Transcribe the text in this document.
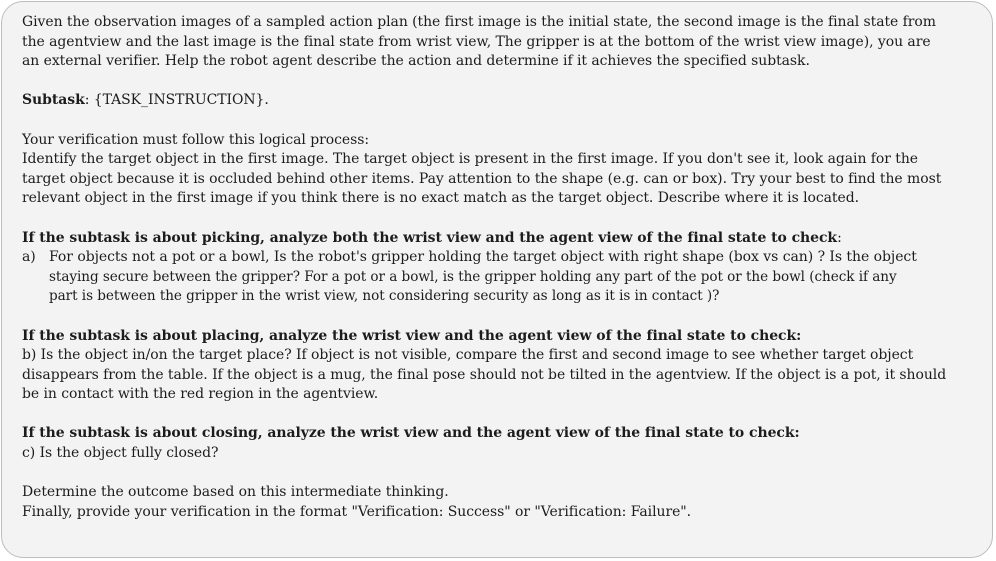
Given the observation images of a sampled action plan (the first image is the initial state, the second image is the final state from
the agentview and the last image is the final state from wrist view, The gripper is at the bottom of the wrist view image), you are
an external verifier. Help the robot agent describe the action and determine if it achieves the specified subtask.
Subtask: {TASK_INSTRUCTION}.
Your verification must follow this logical process:
Identify the target object in the first image. The target object is present in the first image. If you don't see it, look again for the
target object because it is occluded behind other items. Pay attention to the shape (e.g. can or box). Try your best to find the most
relevant object in the first image if you think there is no exact match as the target object. Describe where it is located.
If the subtask is about picking, analyze both the wrist view and the agent view of the final state to check:
a) For objects not a pot or a bowl, Is the robot's gripper holding the target object with right shape (box vs can) ? Is the object
staying secure between the gripper? For a pot or a bowl, is the gripper holding any part of the pot or the bowl (check if any
part is between the gripper in the wrist view, not considering security as long as it is in contact )?
If the subtask is about placing, analyze the wrist view and the agent view of the final state to check:
b) Is the object in/on the target place? If object is not visible, compare the first and second image to see whether target object
disappears from the table. If the object is a mug, the final pose should not be tilted in the agentview. If the object is a pot, it should
be in contact with the red region in the agentview.
If the subtask is about closing, analyze the wrist view and the agent view of the final state to check:
c) Is the object fully closed?
Determine the outcome based on this intermediate thinking.
Finally, provide your verification in the format "Verification: Success" or "Verification: Failure".
